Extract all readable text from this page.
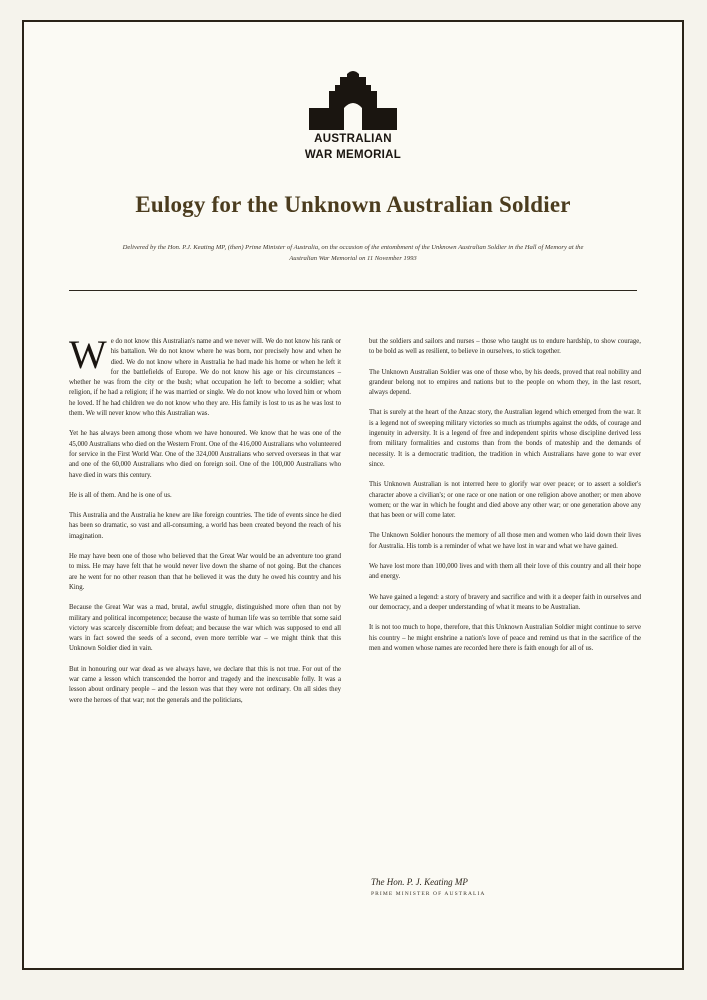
AUSTRALIAN
WAR MEMORIAL
Eulogy for the Unknown Australian Soldier
Delivered by the Hon. P.J. Keating MP, (then) Prime Minister of Australia, on the occasion of the entombment of the Unknown Australian Soldier in the Hall of Memory at the Australian War Memorial on 11 November 1993

We do not know this Australian's name and we never will. We do not know his rank or his battalion. We do not know where he was born, nor precisely how and when he died. We do not know where in Australia he had made his home or when he left it for the battlefields of Europe. We do not know his age or his circumstances – whether he was from the city or the bush; what occupation he left to become a soldier; what religion, if he had a religion; if he was married or single. We do not know who loved him or whom he loved. If he had children we do not know who they are. His family is lost to us as he was lost to them. We will never know who this Australian was.

Yet he has always been among those whom we have honoured. We know that he was one of the 45,000 Australians who died on the Western Front. One of the 416,000 Australians who volunteered for service in the First World War. One of the 324,000 Australians who served overseas in that war and one of the 60,000 Australians who died on foreign soil. One of the 100,000 Australians who have died in wars this century.

He is all of them. And he is one of us.

This Australia and the Australia he knew are like foreign countries. The tide of events since he died has been so dramatic, so vast and all-consuming, a world has been created beyond the reach of his imagination.

He may have been one of those who believed that the Great War would be an adventure too grand to miss. He may have felt that he would never live down the shame of not going. But the chances are he went for no other reason than that he believed it was the duty he owed his country and his King.

Because the Great War was a mad, brutal, awful struggle, distinguished more often than not by military and political incompetence; because the waste of human life was so terrible that some said victory was scarcely discernible from defeat; and because the war which was supposed to end all wars in fact sowed the seeds of a second, even more terrible war – we might think that this Unknown Soldier died in vain.

But in honouring our war dead as we always have, we declare that this is not true. For out of the war came a lesson which transcended the horror and tragedy and the inexcusable folly. It was a lesson about ordinary people – and the lesson was that they were not ordinary. On all sides they were the heroes of that war; not the generals and the politicians,

but the soldiers and sailors and nurses – those who taught us to endure hardship, to show courage, to be bold as well as resilient, to believe in ourselves, to stick together.

The Unknown Australian Soldier was one of those who, by his deeds, proved that real nobility and grandeur belong not to empires and nations but to the people on whom they, in the last resort, always depend.

That is surely at the heart of the Anzac story, the Australian legend which emerged from the war. It is a legend not of sweeping military victories so much as triumphs against the odds, of courage and ingenuity in adversity. It is a legend of free and independent spirits whose discipline derived less from military formalities and customs than from the bonds of mateship and the demands of necessity. It is a democratic tradition, the tradition in which Australians have gone to war ever since.

This Unknown Australian is not interred here to glorify war over peace; or to assert a soldier's character above a civilian's; or one race or one nation or one religion above another; or men above women; or the war in which he fought and died above any other war; or one generation above any that has been or will come later.

The Unknown Soldier honours the memory of all those men and women who laid down their lives for Australia. His tomb is a reminder of what we have lost in war and what we have gained.

We have lost more than 100,000 lives and with them all their love of this country and all their hope and energy.

We have gained a legend: a story of bravery and sacrifice and with it a deeper faith in ourselves and our democracy, and a deeper understanding of what it means to be Australian.

It is not too much to hope, therefore, that this Unknown Australian Soldier might continue to serve his country – he might enshrine a nation's love of peace and remind us that in the sacrifice of the men and women whose names are recorded here there is faith enough for all of us.

The Hon. P. J. Keating MP
PRIME MINISTER OF AUSTRALIA
